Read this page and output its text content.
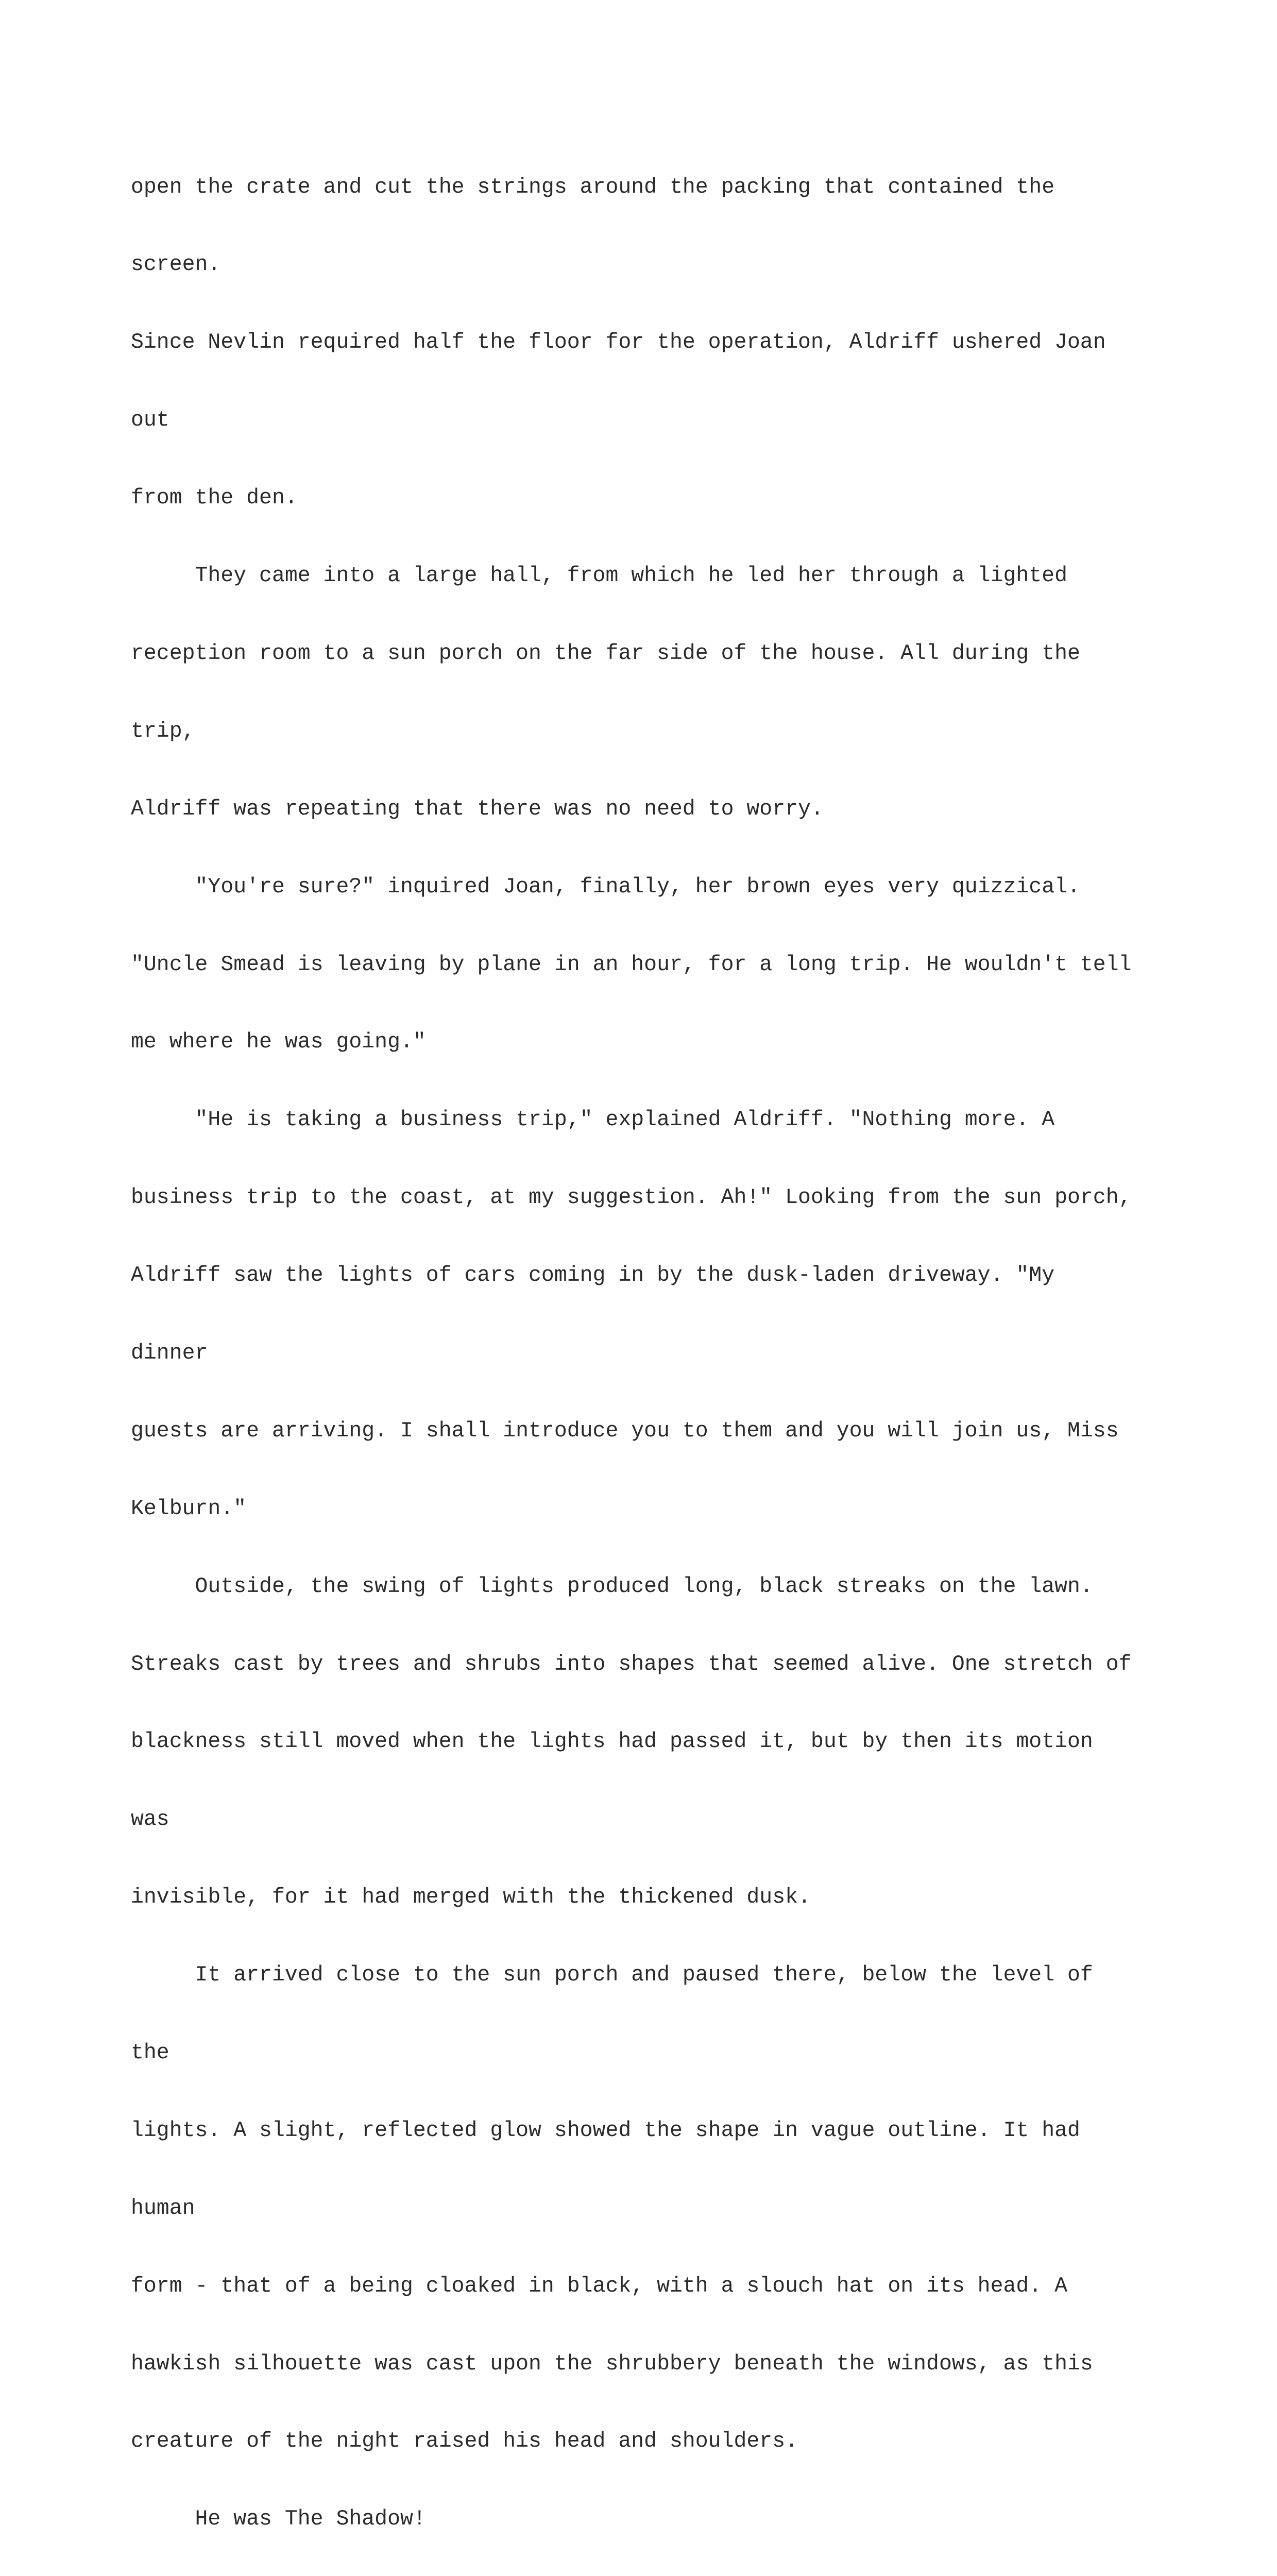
open the crate and cut the strings around the packing that contained the

screen.

Since Nevlin required half the floor for the operation, Aldriff ushered Joan

out

from the den.

They came into a large hall, from which he led her through a lighted

reception room to a sun porch on the far side of the house. All during the

trip,

Aldriff was repeating that there was no need to worry.

"You're sure?" inquired Joan, finally, her brown eyes very quizzical.

"Uncle Smead is leaving by plane in an hour, for a long trip. He wouldn't tell

me where he was going."

"He is taking a business trip," explained Aldriff. "Nothing more. A

business trip to the coast, at my suggestion. Ah!" Looking from the sun porch,

Aldriff saw the lights of cars coming in by the dusk-laden driveway. "My

dinner

guests are arriving. I shall introduce you to them and you will join us, Miss

Kelburn."

Outside, the swing of lights produced long, black streaks on the lawn.

Streaks cast by trees and shrubs into shapes that seemed alive. One stretch of

blackness still moved when the lights had passed it, but by then its motion

was

invisible, for it had merged with the thickened dusk.

It arrived close to the sun porch and paused there, below the level of

the

lights. A slight, reflected glow showed the shape in vague outline. It had

human

form - that of a being cloaked in black, with a slouch hat on its head. A

hawkish silhouette was cast upon the shrubbery beneath the windows, as this

creature of the night raised his head and shoulders.

He was The Shadow!
